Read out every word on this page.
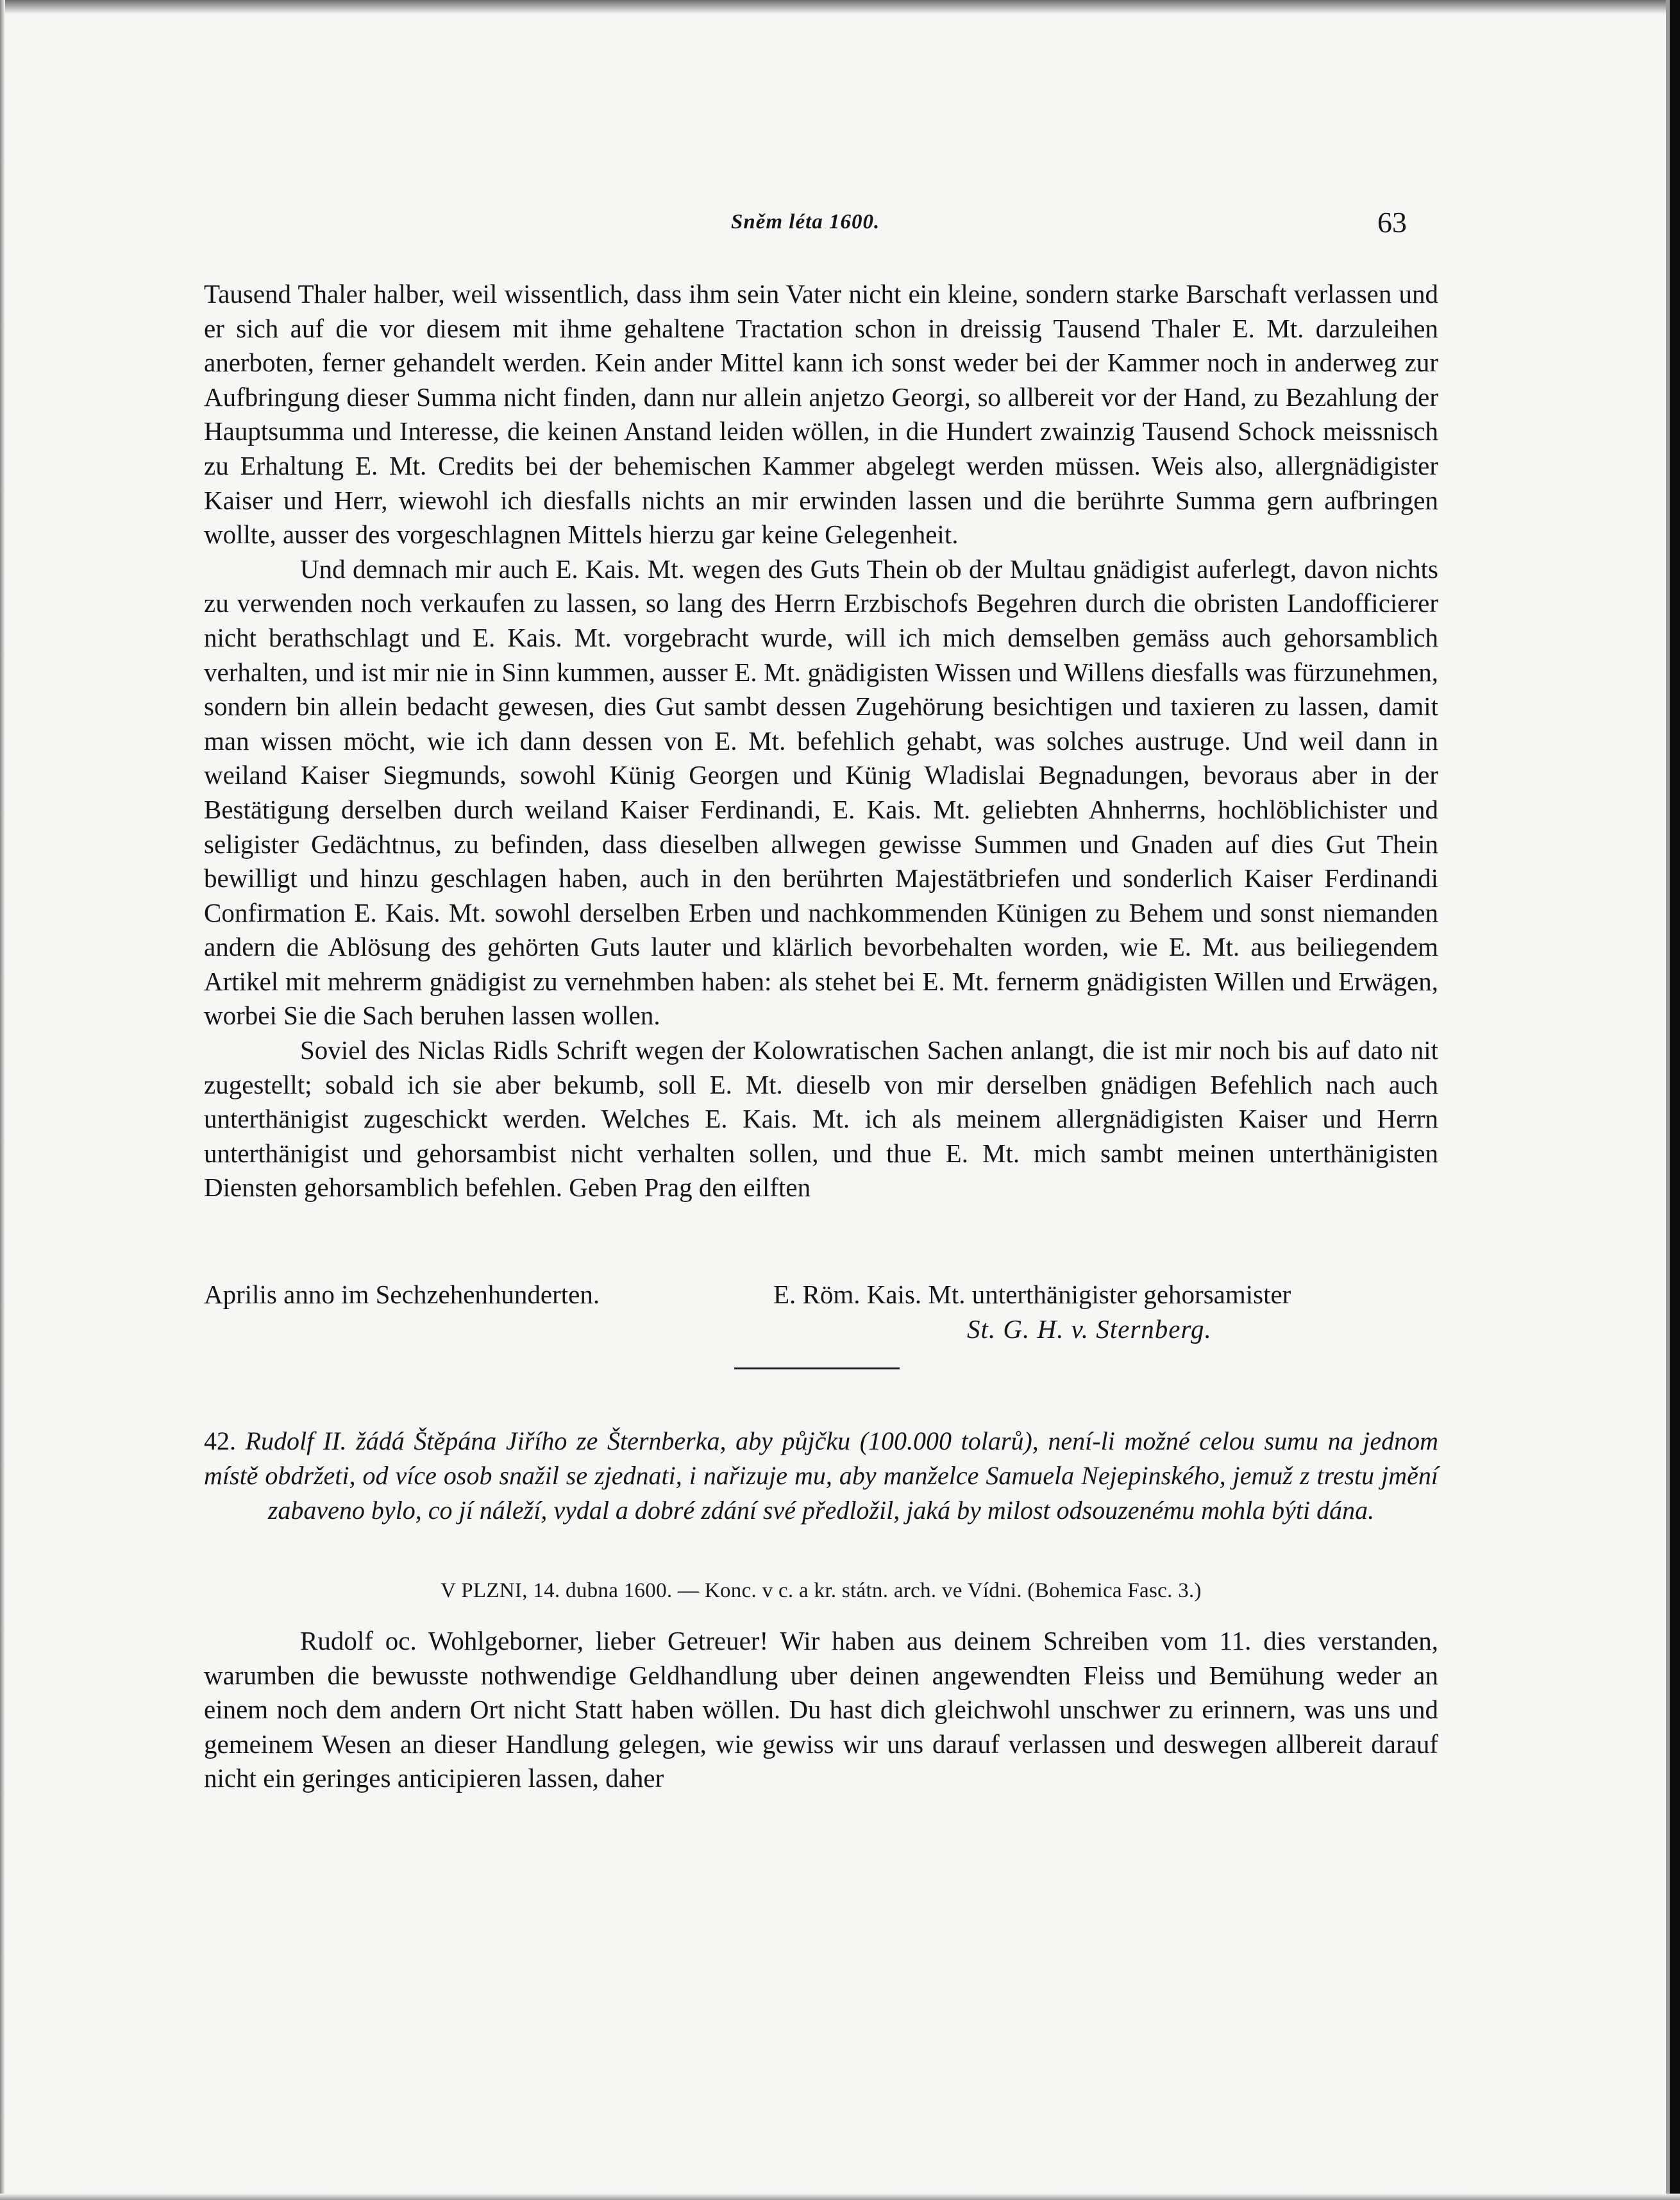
Sněm léta 1600.	63

Tausend Thaler halber, weil wissentlich, dass ihm sein Vater nicht ein kleine, sondern starke Barschaft verlassen und er sich auf die vor diesem mit ihme gehaltene Tractation schon in dreissig Tausend Thaler E. Mt. darzuleihen anerboten, ferner gehandelt werden. Kein ander Mittel kann ich sonst weder bei der Kammer noch in anderweg zur Aufbringung dieser Summa nicht finden, dann nur allein anjetzo Georgi, so allbereit vor der Hand, zu Bezahlung der Hauptsumma und Interesse, die keinen Anstand leiden wöllen, in die Hundert zwainzig Tausend Schock meissnisch zu Erhaltung E. Mt. Credits bei der behemischen Kammer abgelegt werden müssen. Weis also, allergnädigister Kaiser und Herr, wiewohl ich diesfalls nichts an mir erwinden lassen und die berührte Summa gern aufbringen wollte, ausser des vorgeschlagnen Mittels hierzu gar keine Gelegenheit.

Und demnach mir auch E. Kais. Mt. wegen des Guts Thein ob der Multau gnädigist auferlegt, davon nichts zu verwenden noch verkaufen zu lassen, so lang des Herrn Erzbischofs Begehren durch die obristen Landofficierer nicht berathschlagt und E. Kais. Mt. vorgebracht wurde, will ich mich demselben gemäss auch gehorsamblich verhalten, und ist mir nie in Sinn kummen, ausser E. Mt. gnädigisten Wissen und Willens diesfalls was fürzunehmen, sondern bin allein bedacht gewesen, dies Gut sambt dessen Zugehörung besichtigen und taxieren zu lassen, damit man wissen möcht, wie ich dann dessen von E. Mt. befehlich gehabt, was solches austruge. Und weil dann in weiland Kaiser Siegmunds, sowohl Künig Georgen und Künig Wladislai Begnadungen, bevoraus aber in der Bestätigung derselben durch weiland Kaiser Ferdinandi, E. Kais. Mt. geliebten Ahnherrns, hochlöblichister und seligister Gedächtnus, zu befinden, dass dieselben allwegen gewisse Summen und Gnaden auf dies Gut Thein bewilligt und hinzu geschlagen haben, auch in den berührten Majestätbriefen und sonderlich Kaiser Ferdinandi Confirmation E. Kais. Mt. sowohl derselben Erben und nachkommenden Künigen zu Behem und sonst niemanden andern die Ablösung des gehörten Guts lauter und klärlich bevorbehalten worden, wie E. Mt. aus beiliegendem Artikel mit mehrerm gnädigist zu vernehmben haben: als stehet bei E. Mt. fernerm gnädigisten Willen und Erwägen, worbei Sie die Sach beruhen lassen wollen.

Soviel des Niclas Ridls Schrift wegen der Kolowratischen Sachen anlangt, die ist mir noch bis auf dato nit zugestellt; sobald ich sie aber bekumb, soll E. Mt. dieselb von mir derselben gnädigen Befehlich nach auch unterthänigist zugeschickt werden. Welches E. Kais. Mt. ich als meinem allergnädigisten Kaiser und Herrn unterthänigist und gehorsambist nicht verhalten sollen, und thue E. Mt. mich sambt meinen unterthänigisten Diensten gehorsamblich befehlen. Geben Prag den eilften

Aprilis anno im Sechzehenhunderten.	E. Röm. Kais. Mt. unterthänigister gehorsamister
St. G. H. v. Sternberg.
42. Rudolf II. žádá Štěpána Jiřího ze Šternberka, aby půjčku (100.000 tolarů), není-li možné celou sumu na jednom místě obdržeti, od více osob snažil se zjednati, i nařizuje mu, aby manželce Samuela Nejepinského, jemuž z trestu jmění zabaveno bylo, co jí náleží, vydal a dobré zdání své předložil, jaká by milost odsouzenému mohla býti dána.
V PLZNI, 14. dubna 1600. — Konc. v c. a kr. státn. arch. ve Vídni. (Bohemica Fasc. 3.)

Rudolf oc. Wohlgeborner, lieber Getreuer! Wir haben aus deinem Schreiben vom 11. dies verstanden, warumben die bewusste nothwendige Geldhandlung uber deinen angewendten Fleiss und Bemühung weder an einem noch dem andern Ort nicht Statt haben wöllen. Du hast dich gleichwohl unschwer zu erinnern, was uns und gemeinem Wesen an dieser Handlung gelegen, wie gewiss wir uns darauf verlassen und deswegen allbereit darauf nicht ein geringes anticipieren lassen, daher
